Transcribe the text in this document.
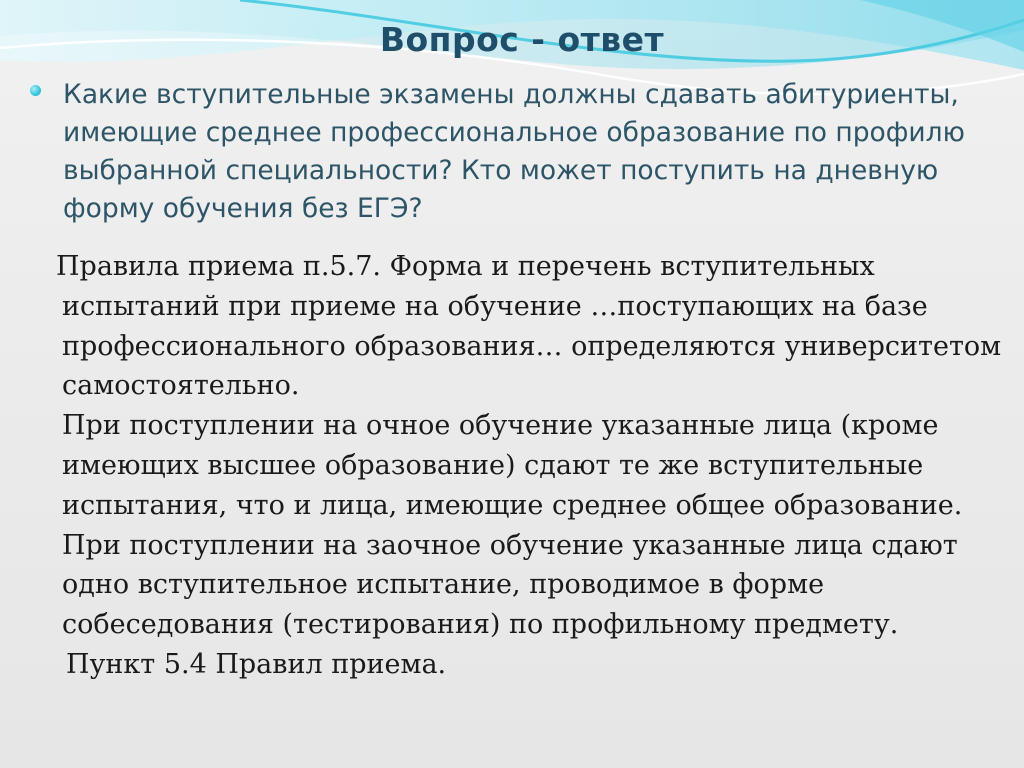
Вопрос - ответ

Какие вступительные экзамены должны сдавать абитуриенты, имеющие среднее профессиональное образование по профилю выбранной специальности? Кто может поступить на дневную форму обучения без ЕГЭ?

Правила приема п.5.7. Форма и перечень вступительных испытаний при приеме на обучение …поступающих на базе профессионального образования… определяются университетом самостоятельно.

При поступлении на очное обучение указанные лица (кроме имеющих высшее образование) сдают те же вступительные испытания, что и лица, имеющие среднее общее образование. При поступлении на заочное обучение указанные лица сдают одно вступительное испытание, проводимое в форме собеседования (тестирования) по профильному предмету.

Пункт 5.4 Правил приема.
